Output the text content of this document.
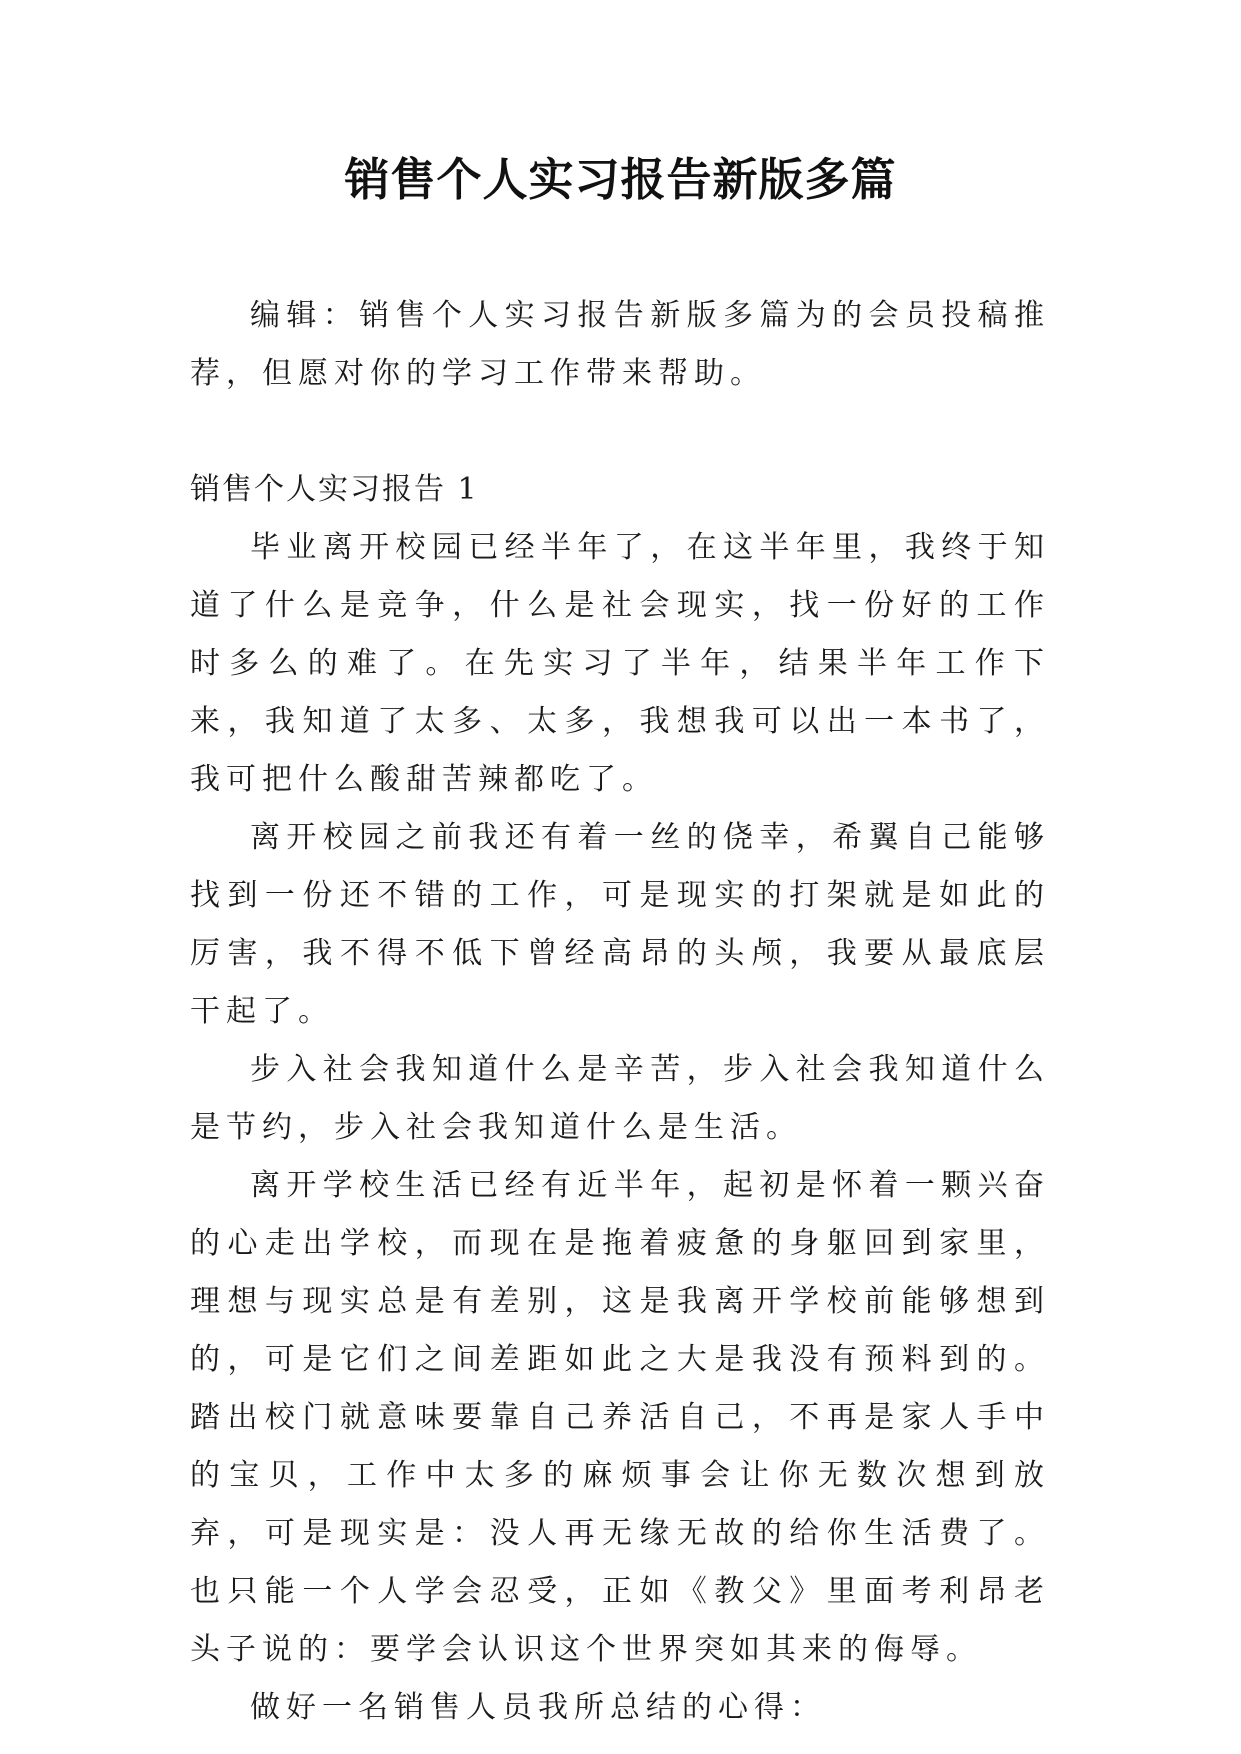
销售个人实习报告新版多篇

编辑：销售个人实习报告新版多篇为的会员投稿推荐，但愿对你的学习工作带来帮助。

销售个人实习报告 1

毕业离开校园已经半年了，在这半年里，我终于知道了什么是竞争，什么是社会现实，找一份好的工作时多么的难了。在先实习了半年，结果半年工作下来，我知道了太多、太多，我想我可以出一本书了，我可把什么酸甜苦辣都吃了。

离开校园之前我还有着一丝的侥幸，希翼自己能够找到一份还不错的工作，可是现实的打架就是如此的厉害，我不得不低下曾经高昂的头颅，我要从最底层干起了。

步入社会我知道什么是辛苦，步入社会我知道什么是节约，步入社会我知道什么是生活。

离开学校生活已经有近半年，起初是怀着一颗兴奋的心走出学校，而现在是拖着疲惫的身躯回到家里，理想与现实总是有差别，这是我离开学校前能够想到的，可是它们之间差距如此之大是我没有预料到的。踏出校门就意味要靠自己养活自己，不再是家人手中的宝贝，工作中太多的麻烦事会让你无数次想到放弃，可是现实是：没人再无缘无故的给你生活费了。也只能一个人学会忍受，正如《教父》里面考利昂老头子说的：要学会认识这个世界突如其来的侮辱。

做好一名销售人员我所总结的心得：
